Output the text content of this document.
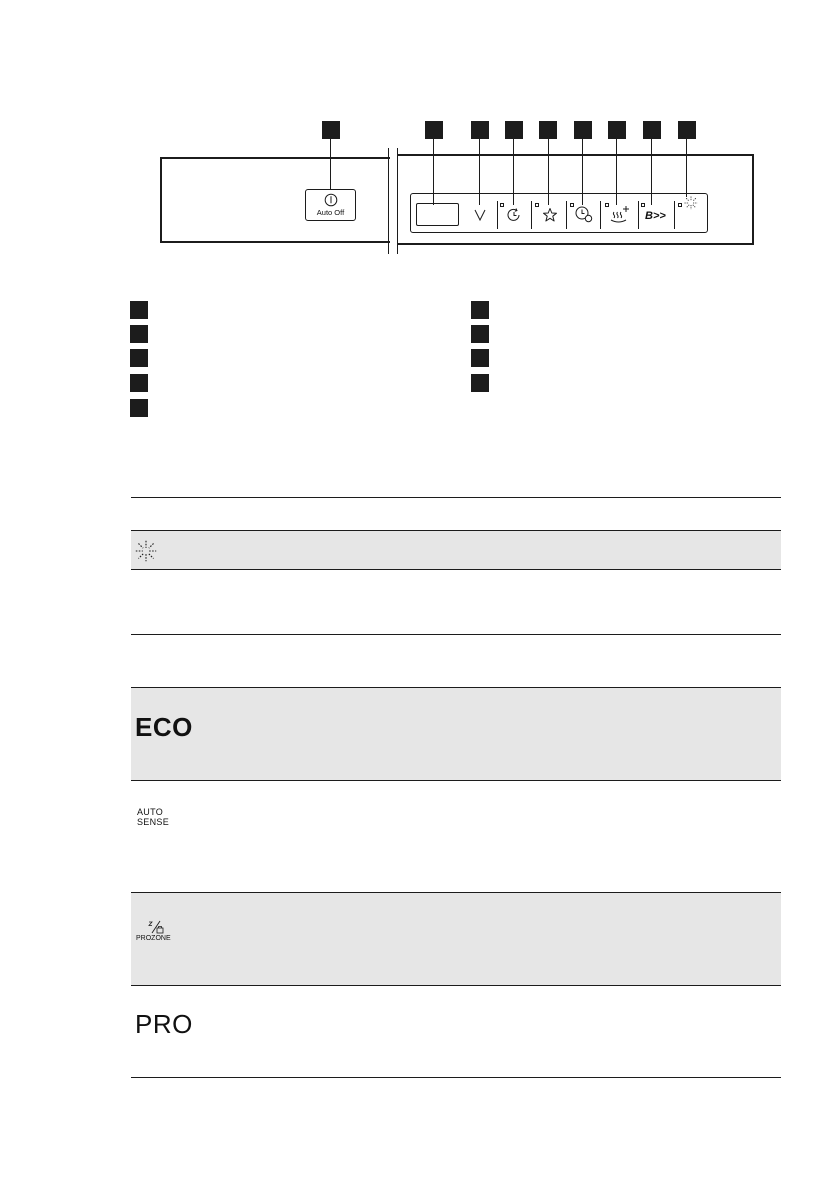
Auto Off	B>>
ECO
AUTO
SENSE
PROZONE
PRO
